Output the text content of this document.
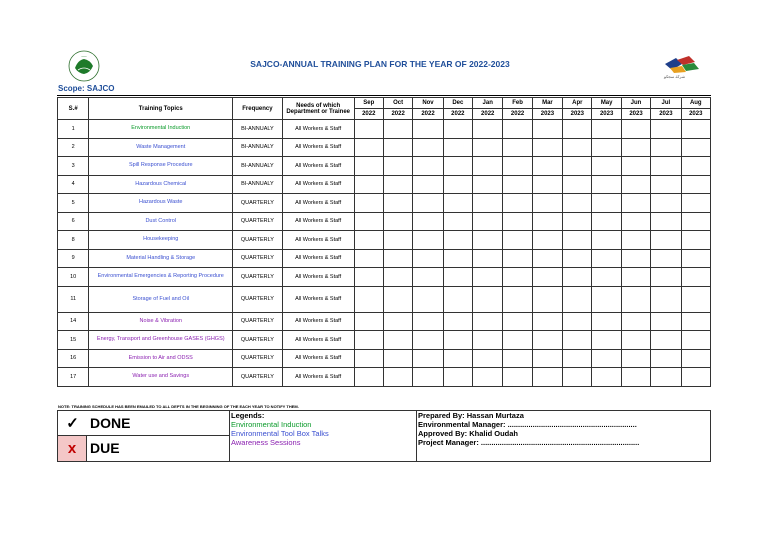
ــــــ
SAJCO-ANNUAL TRAINING PLAN FOR THE YEAR OF 2022-2023
شركة سجكو
Scope: SAJCO
S.#	Training Topics	Frequency	Needs of which Department or Trainee	Sep	Oct	Nov	Dec	Jan	Feb	Mar	Apr	May	Jun	Jul	Aug
				2022	2022	2022	2022	2022	2022	2023	2023	2023	2023	2023	2023
1	Environmental Induction	BI-ANNUALY	All Workers & Staff												
2	Waste Management	BI-ANNUALY	All Workers & Staff												
3	Spill Response Procedure	BI-ANNUALY	All Workers & Staff												
4	Hazardous Chemical	BI-ANNUALY	All Workers & Staff												
5	Hazardous Waste	QUARTERLY	All Workers & Staff												
6	Dust Control	QUARTERLY	All Workers & Staff												
8	Housekeeping	QUARTERLY	All Workers & Staff												
9	Material Handling & Storage	QUARTERLY	All Workers & Staff												
10	Environmental Emergencies & Reporting Procedure	QUARTERLY	All Workers & Staff												
11	Storage of Fuel and Oil	QUARTERLY	All Workers & Staff												
14	Noise & Vibration	QUARTERLY	All Workers & Staff												
15	Energy, Transport and Greenhouse GASES (GHGS)	QUARTERLY	All Workers & Staff												
16	Emission to Air and ODSS	QUARTERLY	All Workers & Staff												
17	Water use and Savings	QUARTERLY	All Workers & Staff												
NOTE: TRAINING SCHEDULE HAS BEEN EMAILED TO ALL DEPTS IN THE BEGINNING OF THE EACH YEAR TO NOTIFY THEM.
✓ DONE
x DUE
Legends:
Environmental Induction
Environmental Tool Box Talks
Awareness Sessions
Prepared By: Hassan Murtaza
Environmental Manager: ..............................................................
Approved By: Khalid Oudah
Project Manager: ............................................................................
